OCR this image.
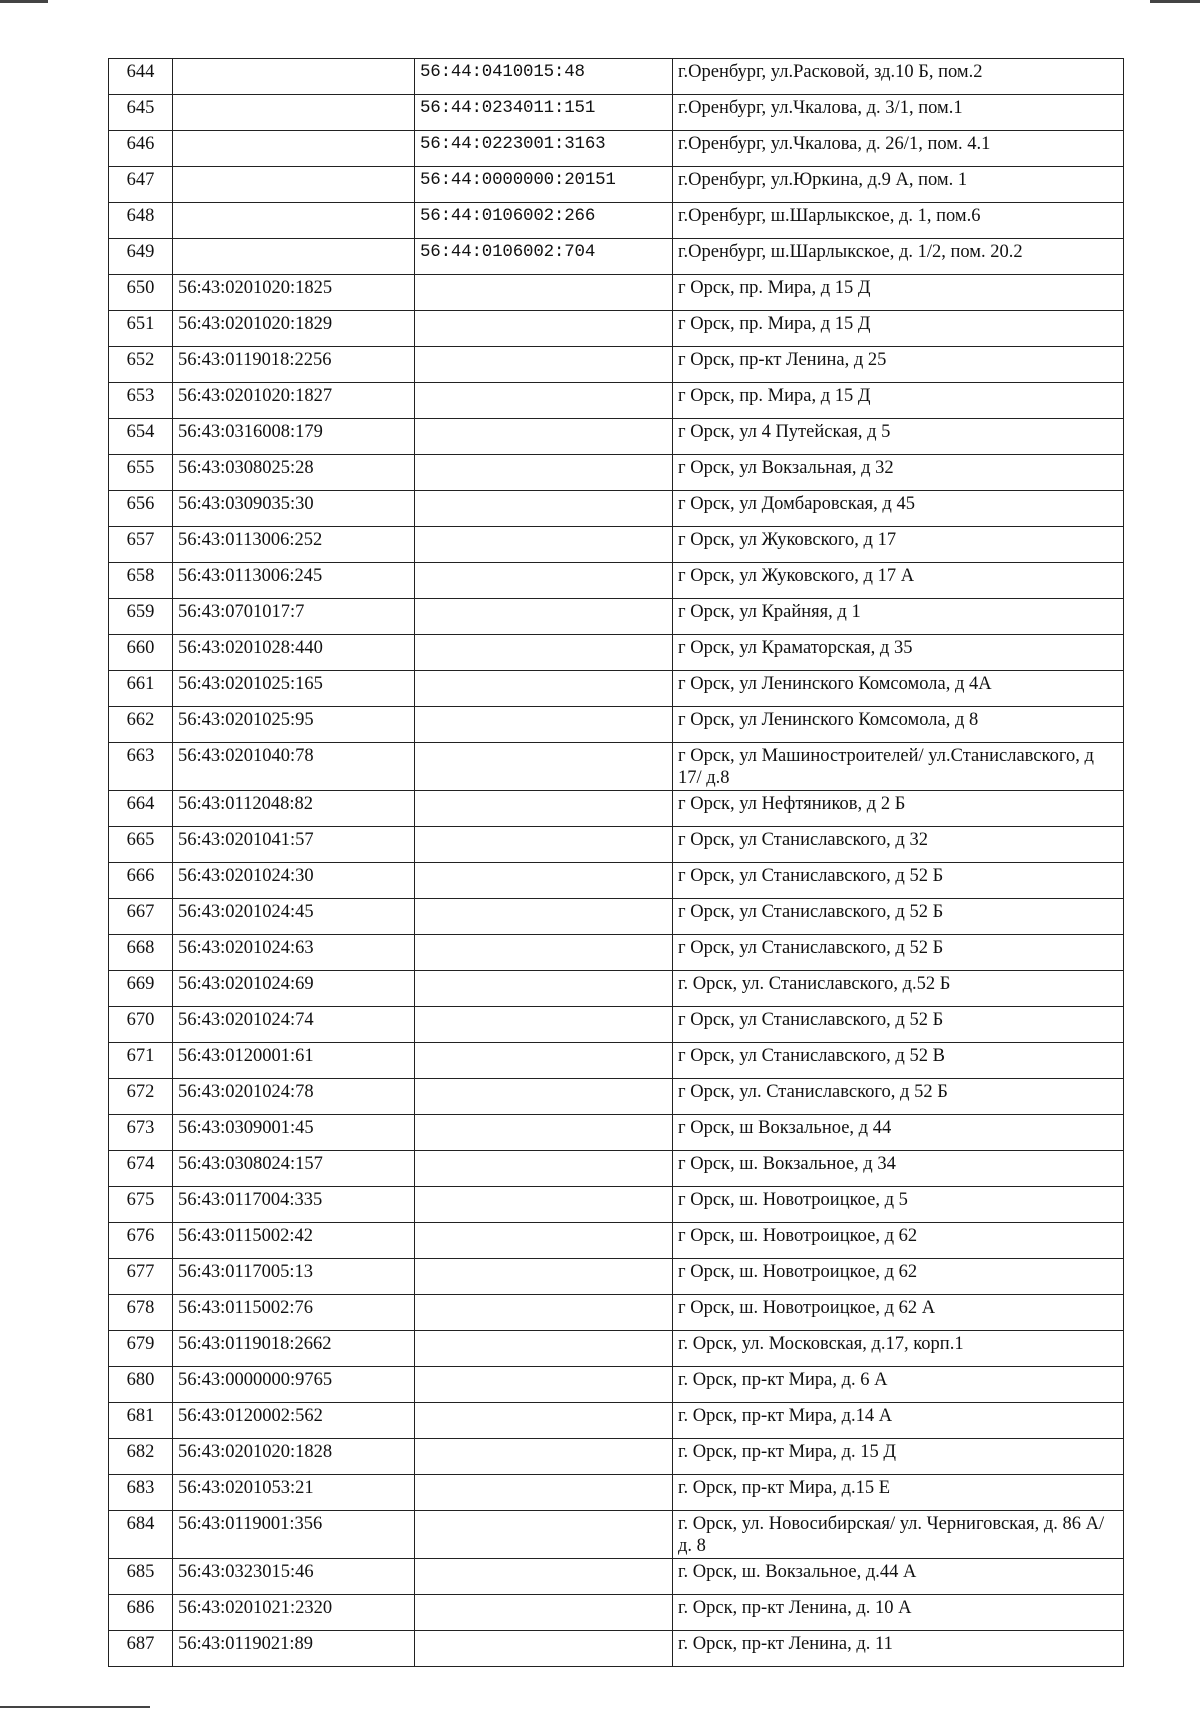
644		56:44:0410015:48	г.Оренбург, ул.Расковой, зд.10 Б, пом.2
645		56:44:0234011:151	г.Оренбург, ул.Чкалова, д. 3/1, пом.1
646		56:44:0223001:3163	г.Оренбург, ул.Чкалова, д. 26/1, пом. 4.1
647		56:44:0000000:20151	г.Оренбург, ул.Юркина, д.9 А, пом. 1
648		56:44:0106002:266	г.Оренбург, ш.Шарлыкское, д. 1, пом.6
649		56:44:0106002:704	г.Оренбург, ш.Шарлыкское, д. 1/2, пом. 20.2
650	56:43:0201020:1825		г Орск, пр. Мира, д 15 Д
651	56:43:0201020:1829		г Орск, пр. Мира, д 15 Д
652	56:43:0119018:2256		г Орск, пр-кт Ленина, д 25
653	56:43:0201020:1827		г Орск, пр. Мира, д 15 Д
654	56:43:0316008:179		г Орск, ул 4 Путейская, д 5
655	56:43:0308025:28		г Орск, ул Вокзальная, д 32
656	56:43:0309035:30		г Орск, ул Домбаровская, д 45
657	56:43:0113006:252		г Орск, ул Жуковского, д 17
658	56:43:0113006:245		г Орск, ул Жуковского, д 17 А
659	56:43:0701017:7		г Орск, ул Крайняя, д 1
660	56:43:0201028:440		г Орск, ул Краматорская, д 35
661	56:43:0201025:165		г Орск, ул Ленинского Комсомола, д 4А
662	56:43:0201025:95		г Орск, ул Ленинского Комсомола, д 8
663	56:43:0201040:78		г Орск, ул Машиностроителей/ ул.Станиславского, д 17/ д.8
664	56:43:0112048:82		г Орск, ул Нефтяников, д 2 Б
665	56:43:0201041:57		г Орск, ул Станиславского, д 32
666	56:43:0201024:30		г Орск, ул Станиславского, д 52 Б
667	56:43:0201024:45		г Орск, ул Станиславского, д 52 Б
668	56:43:0201024:63		г Орск, ул Станиславского, д 52 Б
669	56:43:0201024:69		г. Орск, ул. Станиславского, д.52 Б
670	56:43:0201024:74		г Орск, ул Станиславского, д 52 Б
671	56:43:0120001:61		г Орск, ул Станиславского, д 52 В
672	56:43:0201024:78		г Орск, ул. Станиславского, д 52 Б
673	56:43:0309001:45		г Орск, ш Вокзальное, д 44
674	56:43:0308024:157		г Орск, ш. Вокзальное, д 34
675	56:43:0117004:335		г Орск, ш. Новотроицкое, д 5
676	56:43:0115002:42		г Орск, ш. Новотроицкое, д 62
677	56:43:0117005:13		г Орск, ш. Новотроицкое, д 62
678	56:43:0115002:76		г Орск, ш. Новотроицкое, д 62 А
679	56:43:0119018:2662		г. Орск, ул. Московская, д.17, корп.1
680	56:43:0000000:9765		г. Орск, пр-кт Мира, д. 6 А
681	56:43:0120002:562		г. Орск, пр-кт Мира, д.14 А
682	56:43:0201020:1828		г. Орск, пр-кт Мира, д. 15 Д
683	56:43:0201053:21		г. Орск, пр-кт Мира, д.15 Е
684	56:43:0119001:356		г. Орск, ул. Новосибирская/ ул. Черниговская, д. 86 А/ д. 8
685	56:43:0323015:46		г. Орск, ш. Вокзальное, д.44 А
686	56:43:0201021:2320		г. Орск, пр-кт Ленина, д. 10 А
687	56:43:0119021:89		г. Орск, пр-кт Ленина, д. 11
